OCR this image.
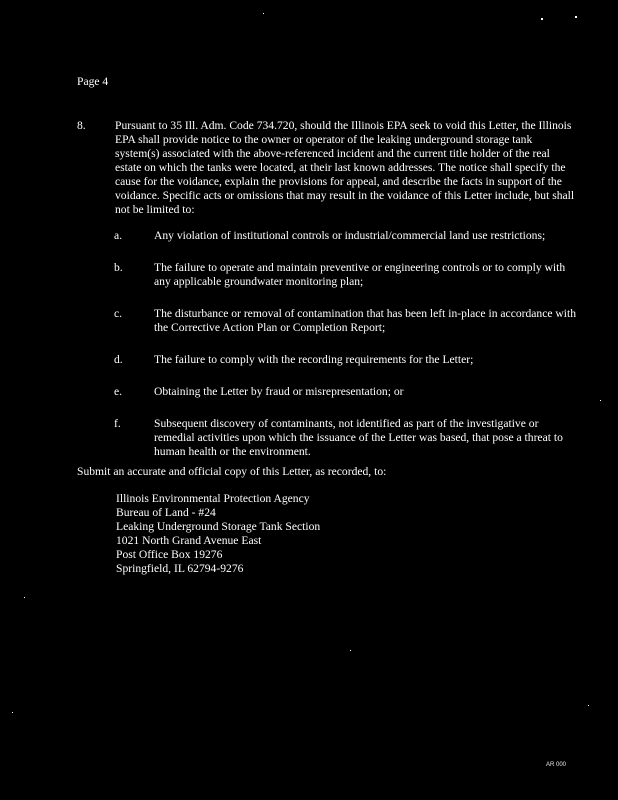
Page 4
8.	Pursuant to 35 Ill. Adm. Code 734.720, should the Illinois EPA seek to void this Letter, the Illinois EPA shall provide notice to the owner or operator of the leaking underground storage tank system(s) associated with the above-referenced incident and the current title holder of the real estate on which the tanks were located, at their last known addresses. The notice shall specify the cause for the voidance, explain the provisions for appeal, and describe the facts in support of the voidance. Specific acts or omissions that may result in the voidance of this Letter include, but shall not be limited to:
a.	Any violation of institutional controls or industrial/commercial land use restrictions;
b.	The failure to operate and maintain preventive or engineering controls or to comply with any applicable groundwater monitoring plan;
c.	The disturbance or removal of contamination that has been left in-place in accordance with the Corrective Action Plan or Completion Report;
d.	The failure to comply with the recording requirements for the Letter;
e.	Obtaining the Letter by fraud or misrepresentation; or
f.	Subsequent discovery of contaminants, not identified as part of the investigative or remedial activities upon which the issuance of the Letter was based, that pose a threat to human health or the environment.
Submit an accurate and official copy of this Letter, as recorded, to:
Illinois Environmental Protection Agency
Bureau of Land - #24
Leaking Underground Storage Tank Section
1021 North Grand Avenue East
Post Office Box 19276
Springfield, IL 62794-9276
AR 000
